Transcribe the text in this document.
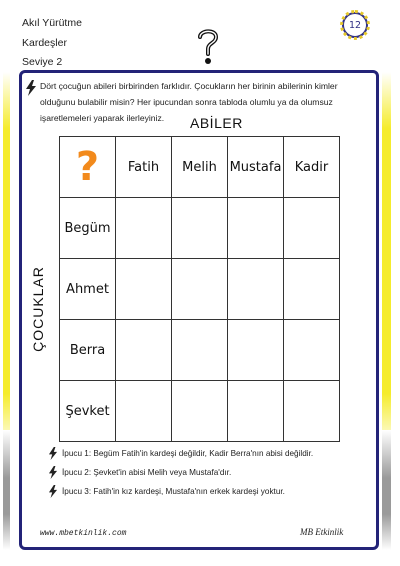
Akıl Yürütme
Kardeşler
Seviye 2
12
Dört çocuğun abileri birbirinden farklıdır. Çocukların her birinin abilerinin kimler olduğunu bulabilir misin? Her ipucundan sonra tabloda olumlu ya da olumsuz işaretlemeleri yaparak ilerleyiniz.	ABİLER
ÇOCUKLAR
?	Fatih	Melih	Mustafa	Kadir
Begüm				
Ahmet				
Berra				
Şevket				
İpucu 1: Begüm Fatih'in kardeşi değildir, Kadir Berra'nın abisi değildir.
İpucu 2: Şevket'in abisi Melih veya Mustafa'dır.
İpucu 3: Fatih'in kız kardeşi, Mustafa'nın erkek kardeşi yoktur.
www.mbetkinlik.com	MB Etkinlik
